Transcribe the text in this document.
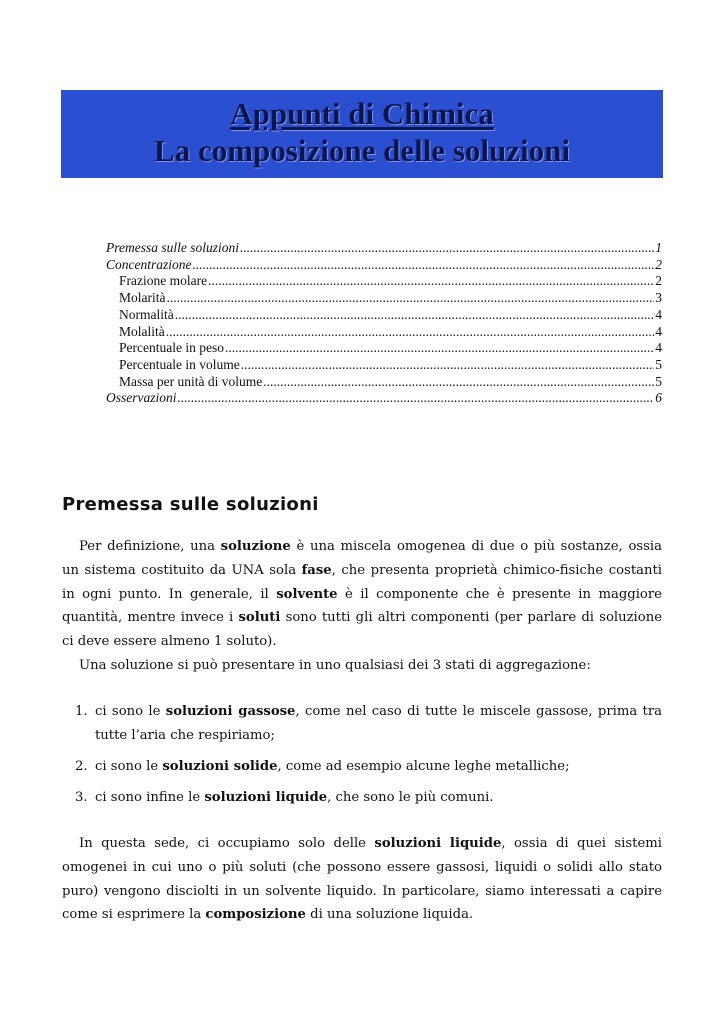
Appunti di Chimica
La composizione delle soluzioni
Premessa sulle soluzioni .....	1
Concentrazione .....	2
Frazione molare .....	2
Molarità .....	3
Normalità .....	4
Molalità .....	4
Percentuale in peso .....	4
Percentuale in volume .....	5
Massa per unità di volume .....	5
Osservazioni .....	6
Premessa sulle soluzioni

Per definizione, una soluzione è una miscela omogenea di due o più sostanze, ossia un sistema costituito da UNA sola fase, che presenta proprietà chimico-fisiche costanti in ogni punto. In generale, il solvente è il componente che è presente in maggiore quantità, mentre invece i soluti sono tutti gli altri componenti (per parlare di soluzione ci deve essere almeno 1 soluto).

Una soluzione si può presentare in uno qualsiasi dei 3 stati di aggregazione:

1. ci sono le soluzioni gassose, come nel caso di tutte le miscele gassose, prima tra tutte l’aria che respiriamo;
2. ci sono le soluzioni solide, come ad esempio alcune leghe metalliche;
3. ci sono infine le soluzioni liquide, che sono le più comuni.

In questa sede, ci occupiamo solo delle soluzioni liquide, ossia di quei sistemi omogenei in cui uno o più soluti (che possono essere gassosi, liquidi o solidi allo stato puro) vengono disciolti in un solvente liquido. In particolare, siamo interessati a capire come si esprimere la composizione di una soluzione liquida.
